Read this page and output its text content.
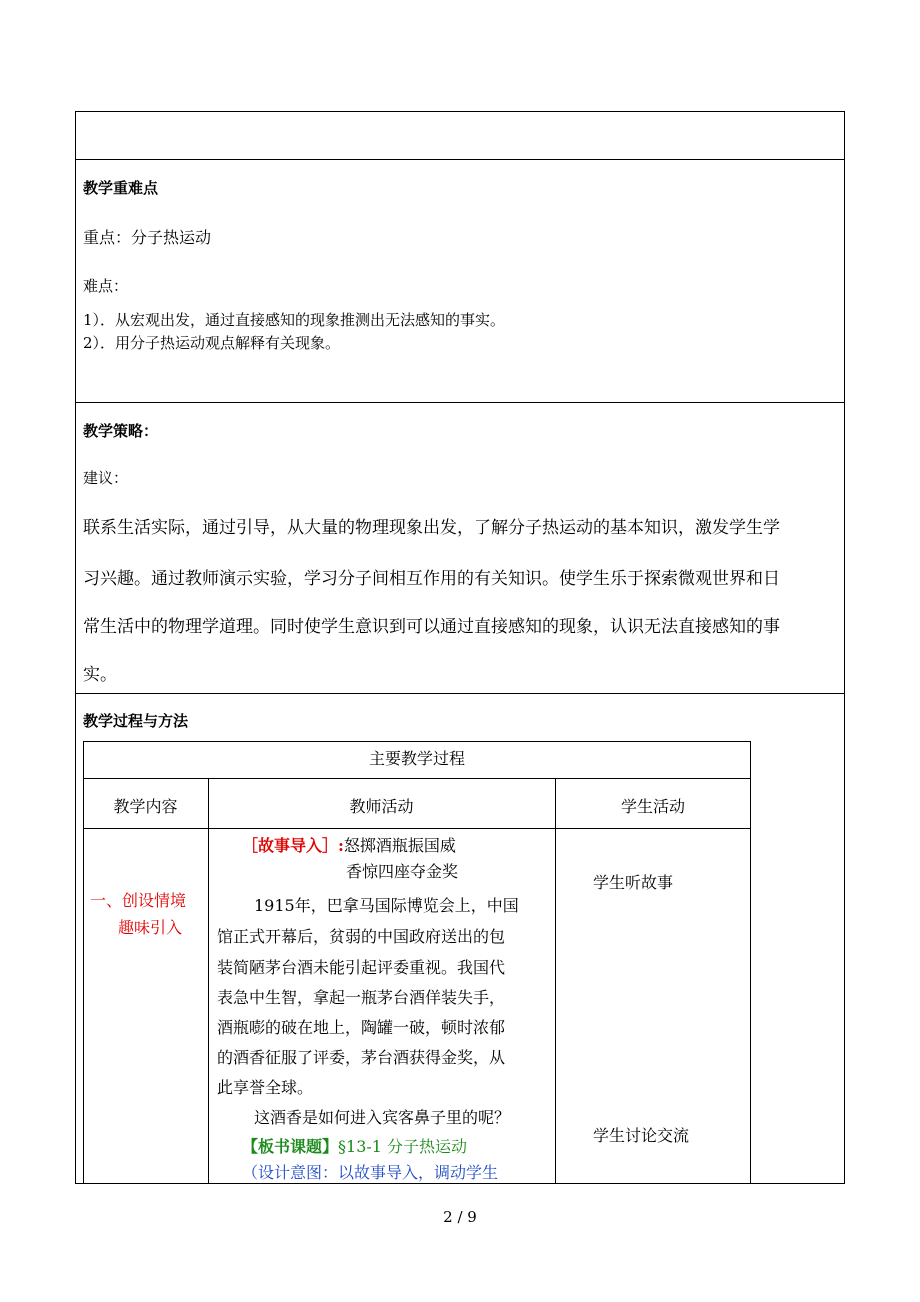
教学重难点
重点：分子热运动
难点：
1）．从宏观出发，通过直接感知的现象推测出无法感知的事实。
2）．用分子热运动观点解释有关现象。
教学策略：
建议：
联系生活实际，通过引导，从大量的物理现象出发，了解分子热运动的基本知识，激发学生学
习兴趣。通过教师演示实验，学习分子间相互作用的有关知识。使学生乐于探索微观世界和日
常生活中的物理学道理。同时使学生意识到可以通过直接感知的现象，认识无法直接感知的事
实。
教学过程与方法
主要教学过程
教学内容	教师活动	学生活动
一、创设情境
趣味引入
［故事导入］:怒掷酒瓶振国威
香惊四座夺金奖
1915年，巴拿马国际博览会上，中国
馆正式开幕后，贫弱的中国政府送出的包
装简陋茅台酒未能引起评委重视。我国代
表急中生智，拿起一瓶茅台酒佯装失手，
酒瓶嘭的破在地上，陶罐一破，顿时浓郁
的酒香征服了评委，茅台酒获得金奖，从
此享誉全球。
这酒香是如何进入宾客鼻子里的呢？
【板书课题】§13-1 分子热运动
（设计意图：以故事导入，调动学生
学生听故事
学生讨论交流
2 / 9
